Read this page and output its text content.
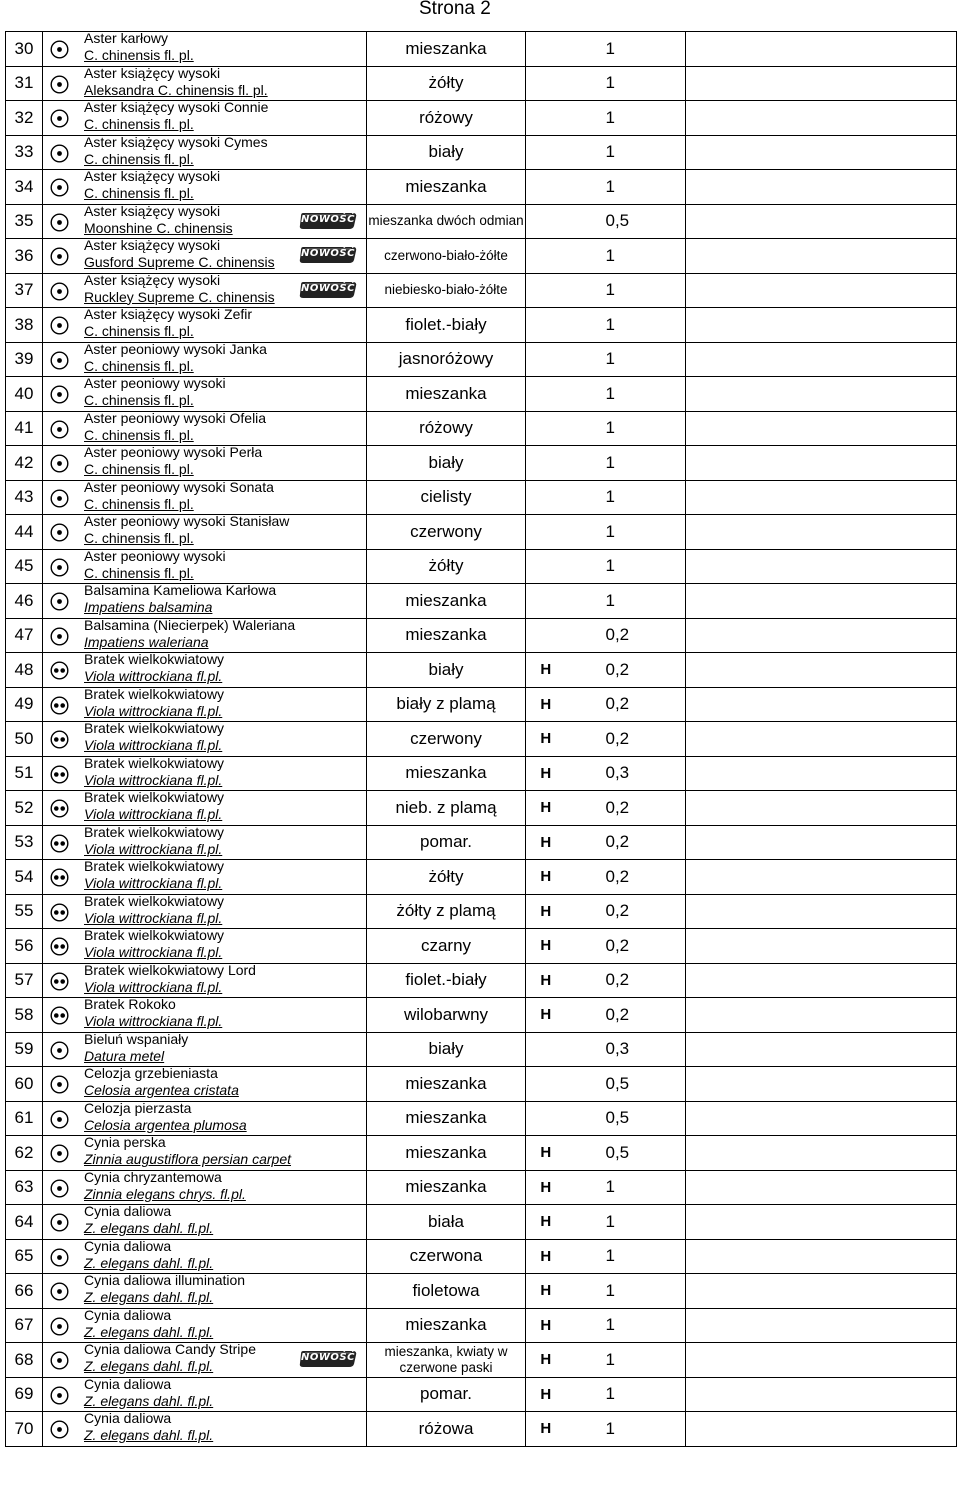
Strona 2
30	Aster karłowy
C. chinensis fl. pl.	mieszanka		1	
31	Aster książęcy wysoki
Aleksandra C. chinensis fl. pl.	żółty		1	
32	Aster książęcy wysoki Connie
C. chinensis fl. pl.	różowy		1	
33	Aster książęcy wysoki Cymes
C. chinensis fl. pl.	biały		1	
34	Aster książęcy wysoki
C. chinensis fl. pl.	mieszanka		1	
35	Aster książęcy wysoki
Moonshine C. chinensis
NOWOŚĆ	mieszanka dwóch odmian		0,5	
36	Aster książęcy wysoki
Gusford Supreme C. chinensis
NOWOŚĆ	czerwono-biało-żółte		1	
37	Aster książęcy wysoki
Ruckley Supreme C. chinensis
NOWOŚĆ	niebiesko-biało-żółte		1	
38	Aster książęcy wysoki Zefir
C. chinensis fl. pl.	fiolet.-biały		1	
39	Aster peoniowy wysoki Janka
C. chinensis fl. pl.	jasnoróżowy		1	
40	Aster peoniowy wysoki
C. chinensis fl. pl.	mieszanka		1	
41	Aster peoniowy wysoki Ofelia
C. chinensis fl. pl.	różowy		1	
42	Aster peoniowy wysoki Perła
C. chinensis fl. pl.	biały		1	
43	Aster peoniowy wysoki Sonata
C. chinensis fl. pl.	cielisty		1	
44	Aster peoniowy wysoki Stanisław
C. chinensis fl. pl.	czerwony		1	
45	Aster peoniowy wysoki
C. chinensis fl. pl.	żółty		1	
46	Balsamina Kameliowa Karłowa
Impatiens balsamina	mieszanka		1	
47	Balsamina (Niecierpek) Waleriana
Impatiens waleriana	mieszanka		0,2	
48	Bratek wielkokwiatowy
Viola wittrockiana fl.pl.	biały	H	0,2	
49	Bratek wielkokwiatowy
Viola wittrockiana fl.pl.	biały z plamą	H	0,2	
50	Bratek wielkokwiatowy
Viola wittrockiana fl.pl.	czerwony	H	0,2	
51	Bratek wielkokwiatowy
Viola wittrockiana fl.pl.	mieszanka	H	0,3	
52	Bratek wielkokwiatowy
Viola wittrockiana fl.pl.	nieb. z plamą	H	0,2	
53	Bratek wielkokwiatowy
Viola wittrockiana fl.pl.	pomar.	H	0,2	
54	Bratek wielkokwiatowy
Viola wittrockiana fl.pl.	żółty	H	0,2	
55	Bratek wielkokwiatowy
Viola wittrockiana fl.pl.	żółty z plamą	H	0,2	
56	Bratek wielkokwiatowy
Viola wittrockiana fl.pl.	czarny	H	0,2	
57	Bratek wielkokwiatowy Lord
Viola wittrockiana fl.pl.	fiolet.-biały	H	0,2	
58	Bratek Rokoko
Viola wittrockiana fl.pl.	wilobarwny	H	0,2	
59	Bieluń wspaniały
Datura metel	biały		0,3	
60	Celozja grzebieniasta
Celosia argentea cristata	mieszanka		0,5	
61	Celozja pierzasta
Celosia argentea plumosa	mieszanka		0,5	
62	Cynia perska
Zinnia augustiflora persian carpet	mieszanka	H	0,5	
63	Cynia chryzantemowa
Zinnia elegans chrys. fl.pl.	mieszanka	H	1	
64	Cynia daliowa
Z. elegans dahl. fl.pl.	biała	H	1	
65	Cynia daliowa
Z. elegans dahl. fl.pl.	czerwona	H	1	
66	Cynia daliowa illumination
Z. elegans dahl. fl.pl.	fioletowa	H	1	
67	Cynia daliowa
Z. elegans dahl. fl.pl.	mieszanka	H	1	
68	Cynia daliowa Candy Stripe
Z. elegans dahl. fl.pl.
NOWOŚĆ	mieszanka, kwiaty w czerwone paski	H	1	
69	Cynia daliowa
Z. elegans dahl. fl.pl.	pomar.	H	1	
70	Cynia daliowa
Z. elegans dahl. fl.pl.	różowa	H	1	
